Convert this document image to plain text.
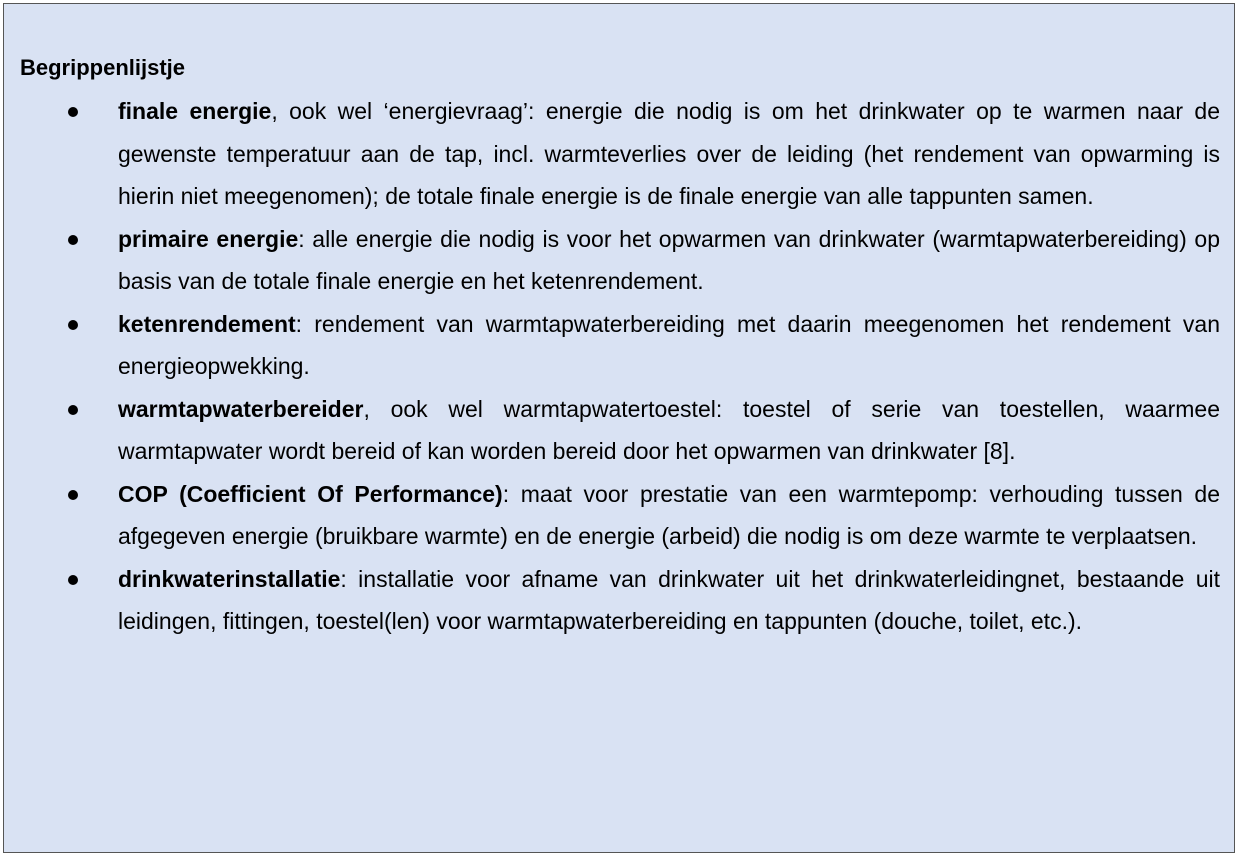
Begrippenlijstje

finale energie, ook wel ‘energievraag’: energie die nodig is om het drinkwater op te warmen naar de gewenste temperatuur aan de tap, incl. warmteverlies over de leiding (het rendement van opwarming is hierin niet meegenomen); de totale finale energie is de finale energie van alle tappunten samen.
primaire energie: alle energie die nodig is voor het opwarmen van drinkwater (warmtapwaterbereiding) op basis van de totale finale energie en het ketenrendement.
ketenrendement: rendement van warmtapwaterbereiding met daarin meegenomen het rendement van energieopwekking.
warmtapwaterbereider, ook wel warmtapwatertoestel: toestel of serie van toestellen, waarmee warmtapwater wordt bereid of kan worden bereid door het opwarmen van drinkwater [8].
COP (Coefficient Of Performance): maat voor prestatie van een warmtepomp: verhouding tussen de afgegeven energie (bruikbare warmte) en de energie (arbeid) die nodig is om deze warmte te verplaatsen.
drinkwaterinstallatie: installatie voor afname van drinkwater uit het drinkwaterleidingnet, bestaande uit leidingen, fittingen, toestel(len) voor warmtapwaterbereiding en tappunten (douche, toilet, etc.).
